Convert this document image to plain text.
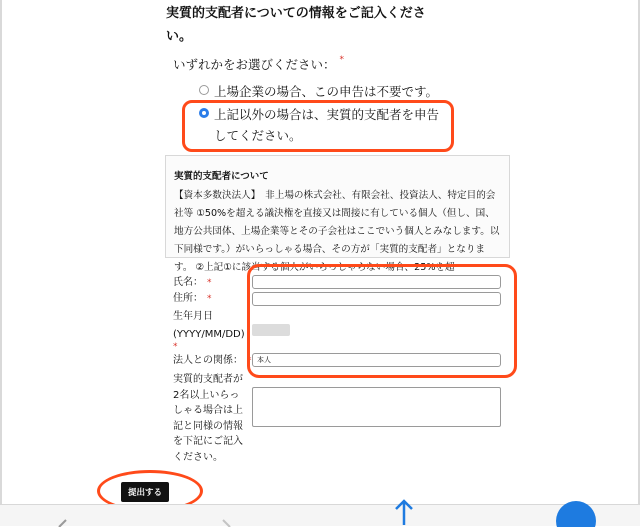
実質的支配者についての情報をご記入ください。
いずれかをお選びください： *
上場企業の場合、この申告は不要です。
上記以外の場合は、実質的支配者を申告してください。
実質的支配者について
【資本多数決法人】　非上場の株式会社、有限会社、投資法人、特定目的会社等 ①50%を超える議決権を直接又は間接に有している個人（但し、国、地方公共団体、上場企業等とその子会社はここでいう個人とみなします。以下同様です。）がいらっしゃる場合、その方が「実質的支配者」となります。 ②上記①に該当する個人がいらっしゃらない場合、25%を超
氏名： *
住所： *
生年月日
(YYYY/MM/DD)
*
法人との関係： * 本人
実質的支配者が2名以上いらっしゃる場合は上記と同様の情報を下記にご記入ください。
提出する
